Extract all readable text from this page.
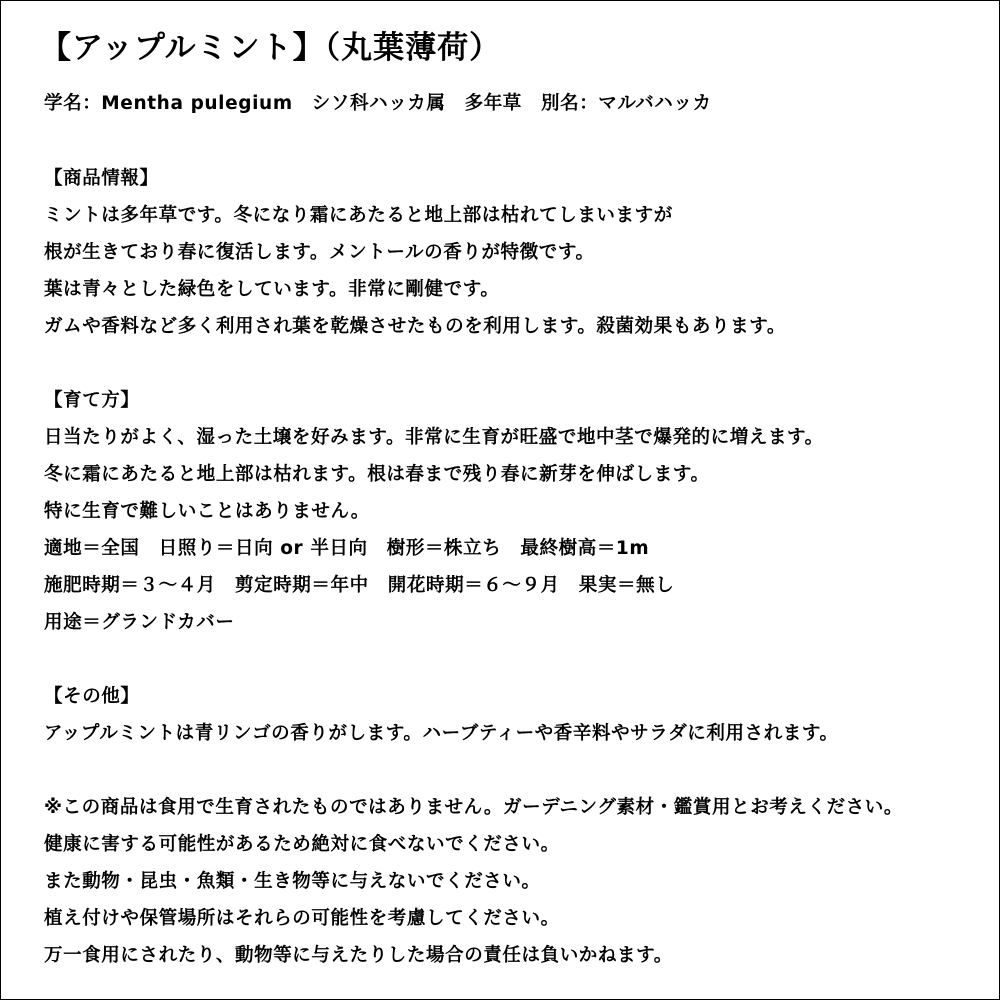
【アップルミント】（丸葉薄荷）
学名：Mentha pulegium　シソ科ハッカ属　多年草　別名：マルバハッカ
【商品情報】
ミントは多年草です。冬になり霜にあたると地上部は枯れてしまいますが
根が生きており春に復活します。メントールの香りが特徴です。
葉は青々とした緑色をしています。非常に剛健です。
ガムや香料など多く利用され葉を乾燥させたものを利用します。殺菌効果もあります。
【育て方】
日当たりがよく、湿った土壌を好みます。非常に生育が旺盛で地中茎で爆発的に増えます。
冬に霜にあたると地上部は枯れます。根は春まで残り春に新芽を伸ばします。
特に生育で難しいことはありません。
適地＝全国　日照り＝日向 or 半日向　樹形＝株立ち　最終樹高＝1m
施肥時期＝３～４月　剪定時期＝年中　開花時期＝６～９月　果実＝無し
用途＝グランドカバー
【その他】
アップルミントは青リンゴの香りがします。ハーブティーや香辛料やサラダに利用されます。
※この商品は食用で生育されたものではありません。ガーデニング素材・鑑賞用とお考えください。
健康に害する可能性があるため絶対に食べないでください。
また動物・昆虫・魚類・生き物等に与えないでください。
植え付けや保管場所はそれらの可能性を考慮してください。
万一食用にされたり、動物等に与えたりした場合の責任は負いかねます。
